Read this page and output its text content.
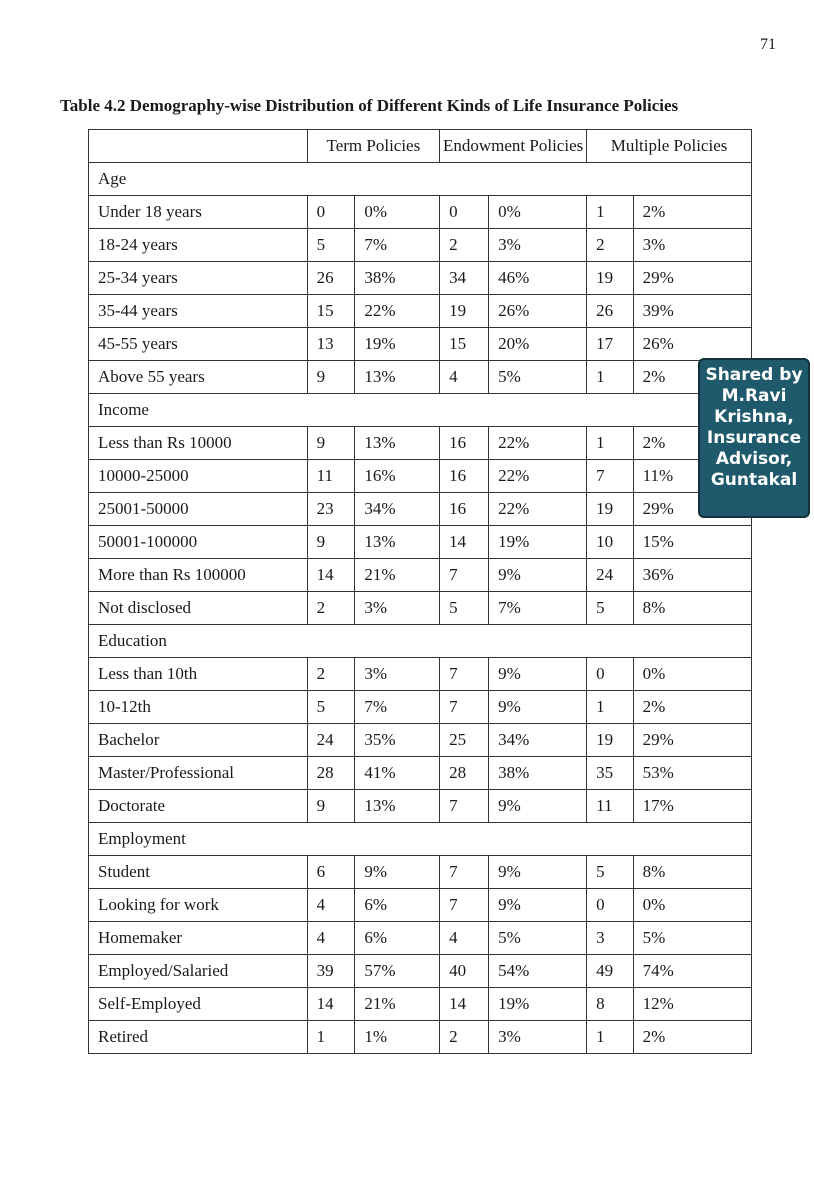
71
Table 4.2 Demography-wise Distribution of Different Kinds of Life Insurance Policies
	Term Policies		Endowment Policies		Multiple Policies	
Age						
Under 18 years	0	0%	0	0%	1	2%
18-24 years	5	7%	2	3%	2	3%
25-34 years	26	38%	34	46%	19	29%
35-44 years	15	22%	19	26%	26	39%
45-55 years	13	19%	15	20%	17	26%
Above 55 years	9	13%	4	5%	1	2%
Income						
Less than Rs 10000	9	13%	16	22%	1	2%
10000-25000	11	16%	16	22%	7	11%
25001-50000	23	34%	16	22%	19	29%
50001-100000	9	13%	14	19%	10	15%
More than Rs 100000	14	21%	7	9%	24	36%
Not disclosed	2	3%	5	7%	5	8%
Education						
Less than 10th	2	3%	7	9%	0	0%
10-12th	5	7%	7	9%	1	2%
Bachelor	24	35%	25	34%	19	29%
Master/Professional	28	41%	28	38%	35	53%
Doctorate	9	13%	7	9%	11	17%
Employment						
Student	6	9%	7	9%	5	8%
Looking for work	4	6%	7	9%	0	0%
Homemaker	4	6%	4	5%	3	5%
Employed/Salaried	39	57%	40	54%	49	74%
Self-Employed	14	21%	14	19%	8	12%
Retired	1	1%	2	3%	1	2%
Shared by
M.Ravi
Krishna,
Insurance
Advisor,
Guntakal
